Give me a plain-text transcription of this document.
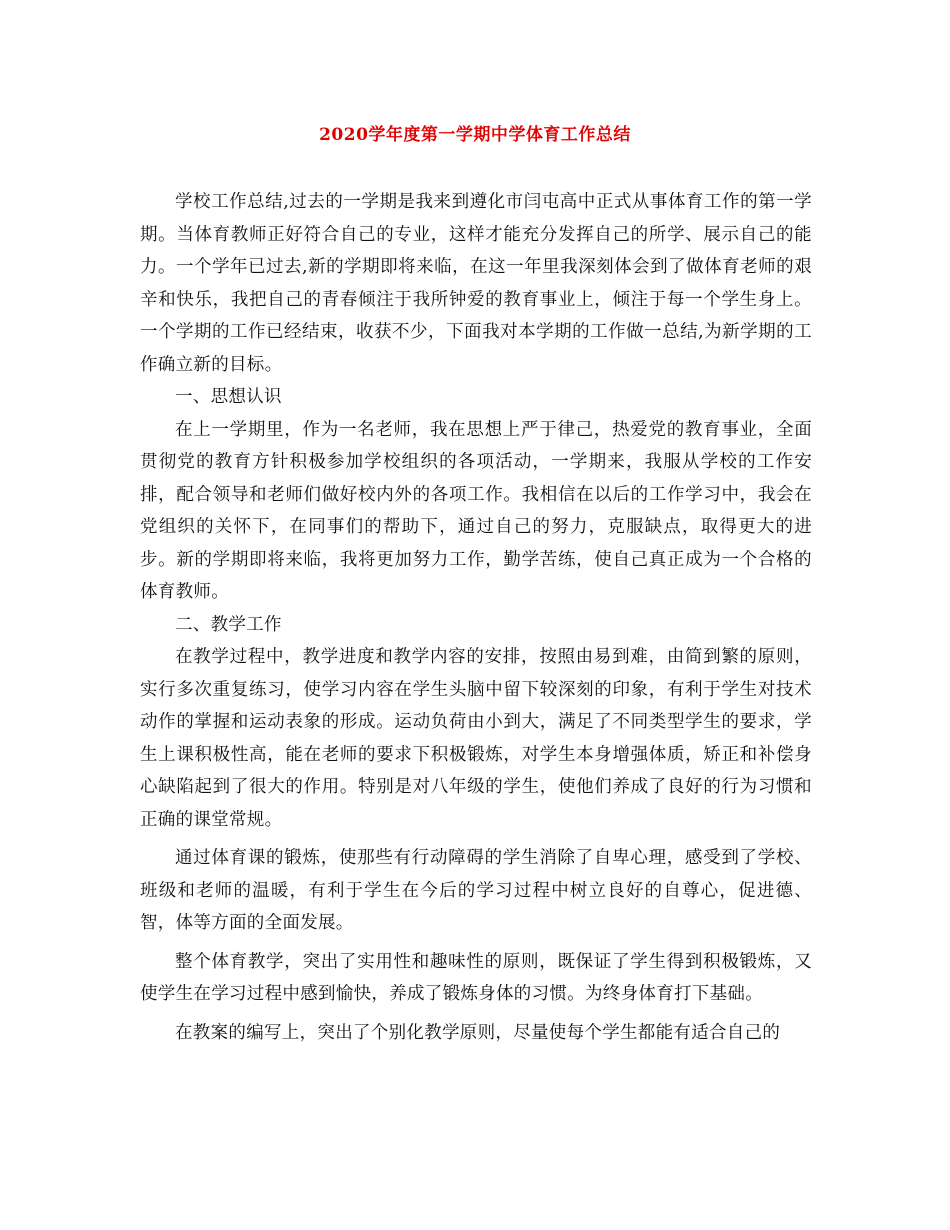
2020学年度第一学期中学体育工作总结

学校工作总结,过去的一学期是我来到遵化市闫屯高中正式从事体育工作的第一学期。当体育教师正好符合自己的专业，这样才能充分发挥自己的所学、展示自己的能力。一个学年已过去,新的学期即将来临，在这一年里我深刻体会到了做体育老师的艰辛和快乐，我把自己的青春倾注于我所钟爱的教育事业上，倾注于每一个学生身上。一个学期的工作已经结束，收获不少，下面我对本学期的工作做一总结,为新学期的工作确立新的目标。

一、思想认识

在上一学期里，作为一名老师，我在思想上严于律己，热爱党的教育事业，全面贯彻党的教育方针积极参加学校组织的各项活动，一学期来，我服从学校的工作安排，配合领导和老师们做好校内外的各项工作。我相信在以后的工作学习中，我会在党组织的关怀下，在同事们的帮助下，通过自己的努力，克服缺点，取得更大的进步。新的学期即将来临，我将更加努力工作，勤学苦练，使自己真正成为一个合格的体育教师。

二、教学工作

在教学过程中，教学进度和教学内容的安排，按照由易到难，由简到繁的原则，实行多次重复练习，使学习内容在学生头脑中留下较深刻的印象，有利于学生对技术动作的掌握和运动表象的形成。运动负荷由小到大，满足了不同类型学生的要求，学生上课积极性高，能在老师的要求下积极锻炼，对学生本身增强体质，矫正和补偿身心缺陷起到了很大的作用。特别是对八年级的学生，使他们养成了良好的行为习惯和正确的课堂常规。

通过体育课的锻炼，使那些有行动障碍的学生消除了自卑心理，感受到了学校、班级和老师的温暖，有利于学生在今后的学习过程中树立良好的自尊心，促进德、智，体等方面的全面发展。

整个体育教学，突出了实用性和趣味性的原则，既保证了学生得到积极锻炼，又使学生在学习过程中感到愉快，养成了锻炼身体的习惯。为终身体育打下基础。

在教案的编写上，突出了个别化教学原则，尽量使每个学生都能有适合自己的
